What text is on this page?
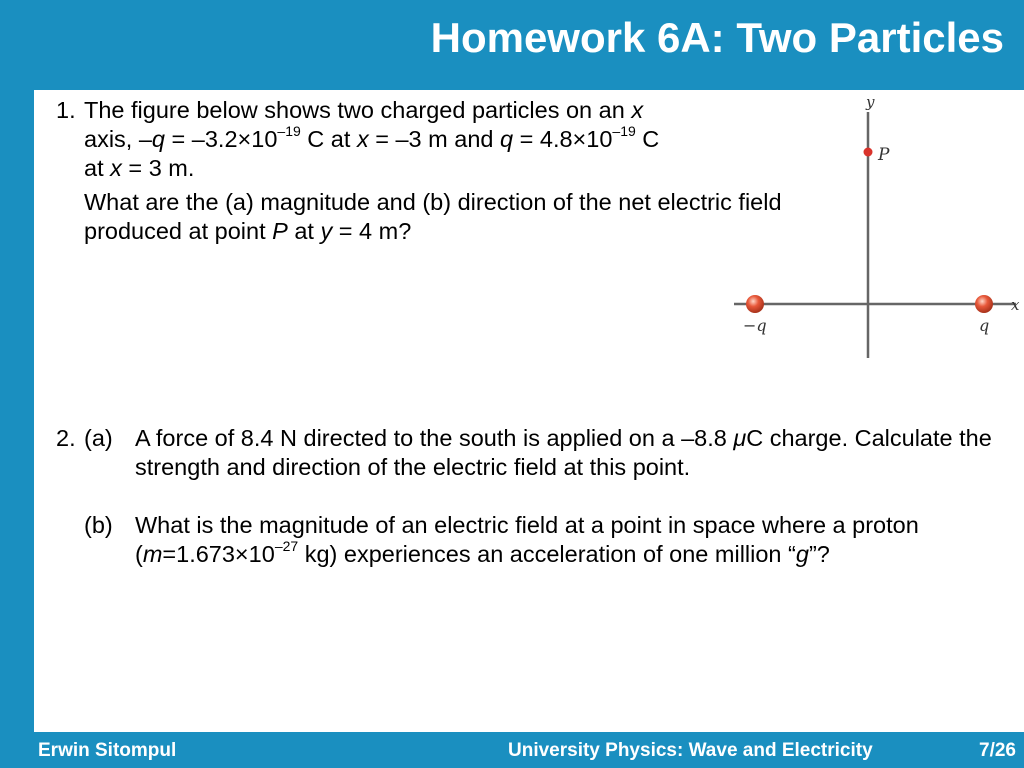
Homework 6A: Two Particles
1. The figure below shows two charged particles on an x
axis, $-q = -3.2\times 10^{-19}$ C at x = –3 m and $q = 4.8\times 10^{-19}$ C
at x = 3 m.

What are the (a) magnitude and (b) direction of the net electric field produced at point P at y = 4 m?

y
x
P
−q	q
2. (a) A force of 8.4 N directed to the south is applied on a –8.8 μC charge. Calculate the strength and direction of the electric field at this point.
(b) What is the magnitude of an electric field at a point in space where a proton ($m=1.673\times 10^{-27}$ kg) experiences an acceleration of one million “g”?
Erwin Sitompul	University Physics: Wave and Electricity	7/26
